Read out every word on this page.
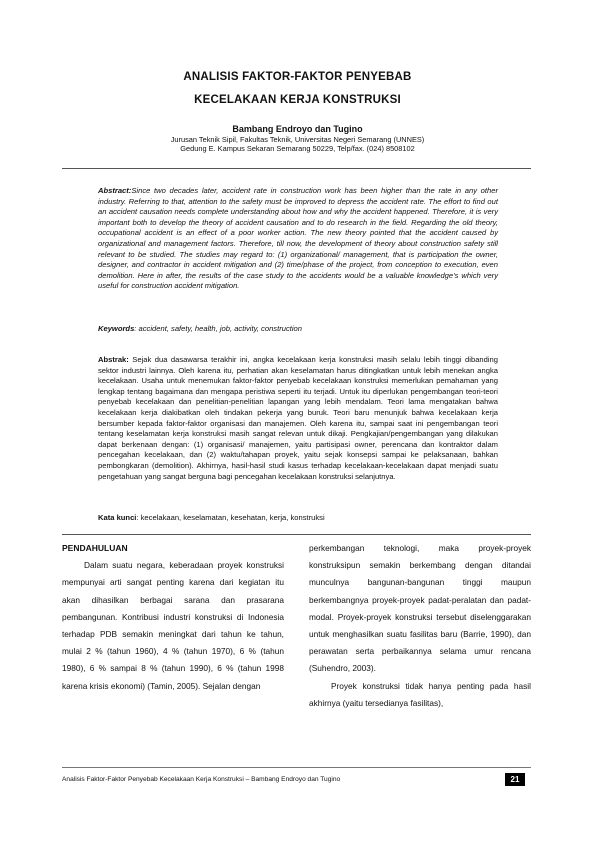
ANALISIS FAKTOR-FAKTOR PENYEBAB
KECELAKAAN KERJA KONSTRUKSI
Bambang Endroyo dan Tugino
Jurusan Teknik Sipil, Fakultas Teknik, Universitas Negeri Semarang (UNNES)
Gedung E. Kampus Sekaran Semarang 50229, Telp/fax. (024) 8508102
Abstract:Since two decades later, accident rate in construction work has been higher than the rate in any other industry. Referring to that, attention to the safety must be improved to depress the accident rate. The effort to find out an accident causation needs complete understanding about how and why the accident happened. Therefore, it is very important both to develop the theory of accident causation and to do research in the field. Regarding the old theory, occupational accident is an effect of a poor worker action. The new theory pointed that the accident caused by organizational and management factors. Therefore, till now, the development of theory about construction safety still relevant to be studied. The studies may regard to: (1) organizational/ management, that is participation the owner, designer, and contractor in accident mitigation and (2) time/phase of the project, from conception to execution, even demolition. Here in after, the results of the case study to the accidents would be a valuable knowledge’s which very useful for construction accident mitigation.
Keywords: accident, safety, health, job, activity, construction
Abstrak: Sejak dua dasawarsa terakhir ini, angka kecelakaan kerja konstruksi masih selalu lebih tinggi dibanding sektor industri lainnya. Oleh karena itu, perhatian akan keselamatan harus ditingkatkan untuk lebih menekan angka kecelakaan. Usaha untuk menemukan faktor-faktor penyebab kecelakaan konstruksi memerlukan pemahaman yang lengkap tentang bagaimana dan mengapa peristiwa seperti itu terjadi. Untuk itu diperlukan pengembangan teori-teori penyebab kecelakaan dan penelitian-penelitian lapangan yang lebih mendalam. Teori lama mengatakan bahwa kecelakaan kerja diakibatkan oleh tindakan pekerja yang buruk. Teori baru menunjuk bahwa kecelakaan kerja bersumber kepada faktor-faktor organisasi dan manajemen. Oleh karena itu, sampai saat ini pengembangan teori tentang keselamatan kerja konstruksi masih sangat relevan untuk dikaji. Pengkajian/pengembangan yang dilakukan dapat berkenaan dengan: (1) organisasi/ manajemen, yaitu partisipasi owner, perencana dan kontraktor dalam pencegahan kecelakaan, dan (2) waktu/tahapan proyek, yaitu sejak konsepsi sampai ke pelaksanaan, bahkan pembongkaran (demolition). Akhirnya, hasil-hasil studi kasus terhadap kecelakaan-kecelakaan dapat menjadi suatu pengetahuan yang sangat berguna bagi pencegahan kecelakaan konstruksi selanjutnya.
Kata kunci: kecelakaan, keselamatan, kesehatan, kerja, konstruksi
PENDAHULUAN

Dalam suatu negara, keberadaan proyek konstruksi mempunyai arti sangat penting karena dari kegiatan itu akan dihasilkan berbagai sarana dan prasarana pembangunan. Kontribusi industri konstruksi di Indonesia terhadap PDB semakin meningkat dari tahun ke tahun, mulai 2 % (tahun 1960), 4 % (tahun 1970), 6 % (tahun 1980), 6 % sampai 8 % (tahun 1990), 6 % (tahun 1998 karena krisis ekonomi) (Tamin, 2005). Sejalan dengan

perkembangan teknologi, maka proyek-proyek konstruksipun semakin berkembang dengan ditandai munculnya bangunan-bangunan tinggi maupun berkembangnya proyek-proyek padat-peralatan dan padat-modal. Proyek-proyek konstruksi tersebut diselenggarakan untuk menghasilkan suatu fasilitas baru (Barrie, 1990), dan perawatan serta perbaikannya selama umur rencana (Suhendro, 2003).

Proyek konstruksi tidak hanya penting pada hasil akhirnya (yaitu tersedianya fasilitas),

Analisis Faktor-Faktor Penyebab Kecelakaan Kerja Konstruksi – Bambang Endroyo dan Tugino	21
